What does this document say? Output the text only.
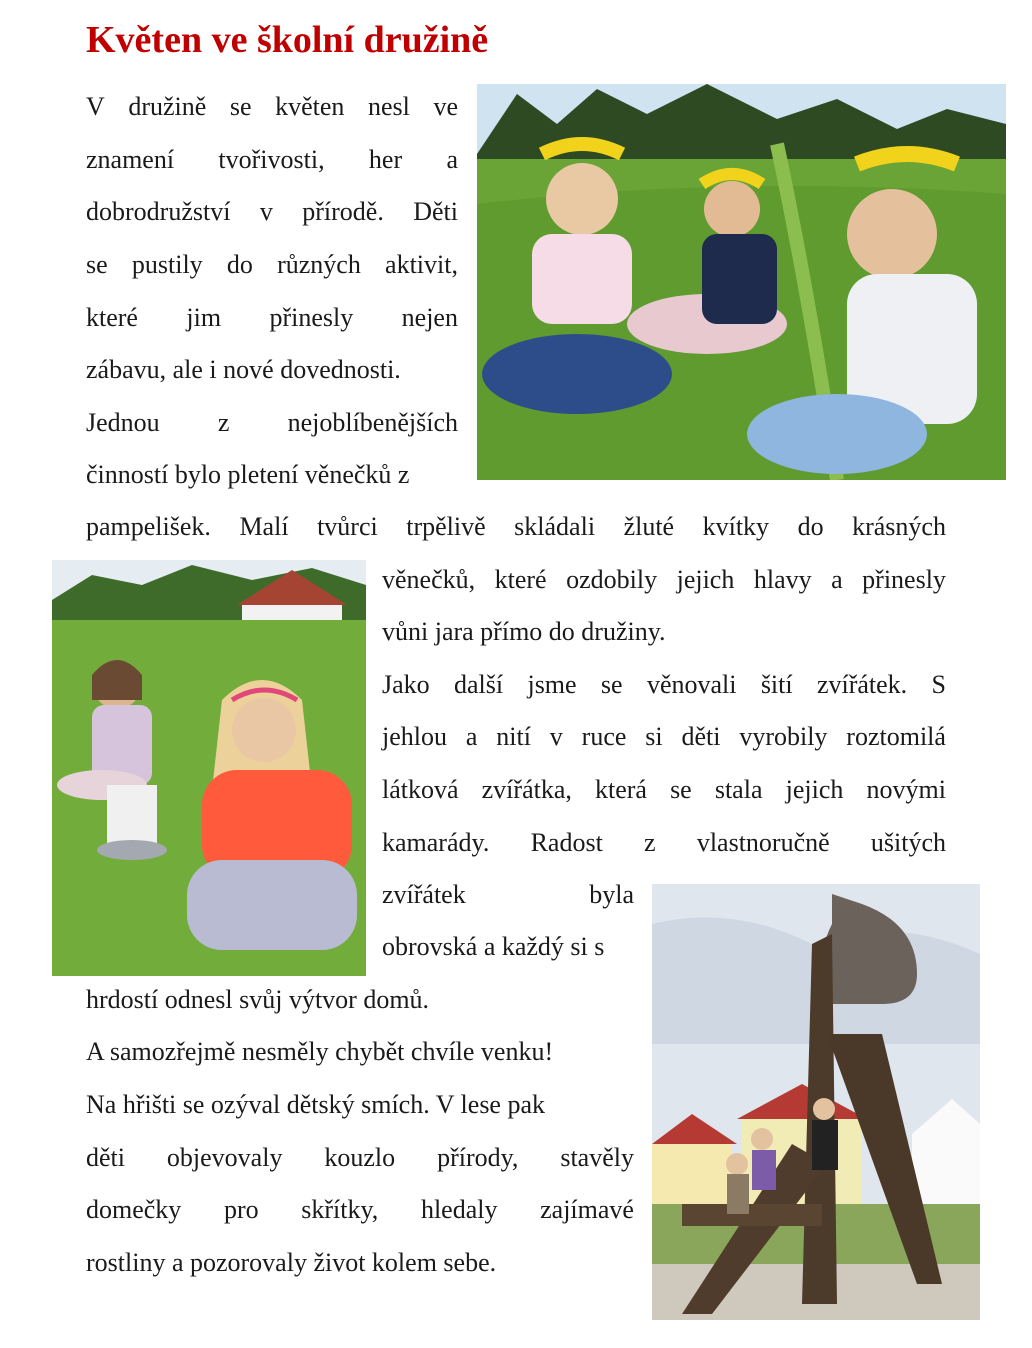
Květen ve školní družině
V družině se květen nesl ve
znamení tvořivosti, her a
dobrodružství v přírodě. Děti
se pustily do různých aktivit,
které jim přinesly nejen
zábavu, ale i nové dovednosti.
Jednou z nejoblíbenějších
činností bylo pletení věnečků z
pampelišek. Malí tvůrci trpělivě skládali žluté kvítky do krásných
věnečků, které ozdobily jejich hlavy a přinesly
vůni jara přímo do družiny.
Jako další jsme se věnovali šití zvířátek. S
jehlou a nití v ruce si děti vyrobily roztomilá
látková zvířátka, která se stala jejich novými
kamarády. Radost z vlastnoručně ušitých
zvířátek	byla
obrovská a každý si s
hrdostí odnesl svůj výtvor domů.
A samozřejmě nesměly chybět chvíle venku!
Na hřišti se ozýval dětský smích. V lese pak
děti objevovaly kouzlo přírody, stavěly
domečky pro skřítky, hledaly zajímavé
rostliny a pozorovaly život kolem sebe.
